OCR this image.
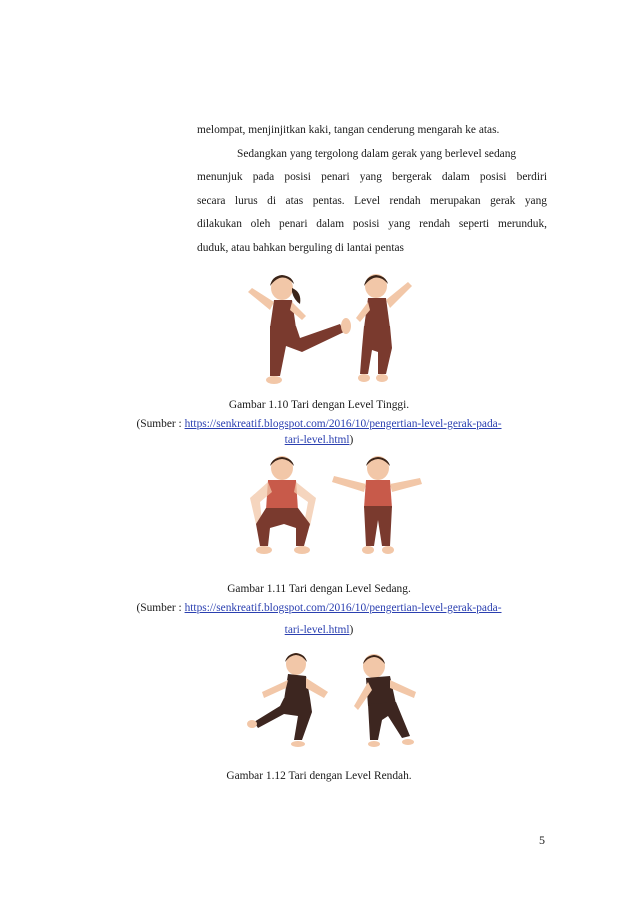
melompat, menjinjitkan kaki, tangan cenderung mengarah ke atas.
Sedangkan yang tergolong dalam gerak yang berlevel sedang
menunjuk pada posisi penari yang bergerak dalam posisi berdiri
secara lurus di atas pentas. Level rendah merupakan gerak yang
dilakukan oleh penari dalam posisi yang rendah seperti merunduk,
duduk, atau bahkan berguling di lantai pentas
Gambar 1.10 Tari dengan Level Tinggi.
(Sumber : https://senkreatif.blogspot.com/2016/10/pengertian-level-gerak-pada-
tari-level.html)
Gambar 1.11 Tari dengan Level Sedang.
(Sumber : https://senkreatif.blogspot.com/2016/10/pengertian-level-gerak-pada-
tari-level.html)
Gambar 1.12 Tari dengan Level Rendah.
5
